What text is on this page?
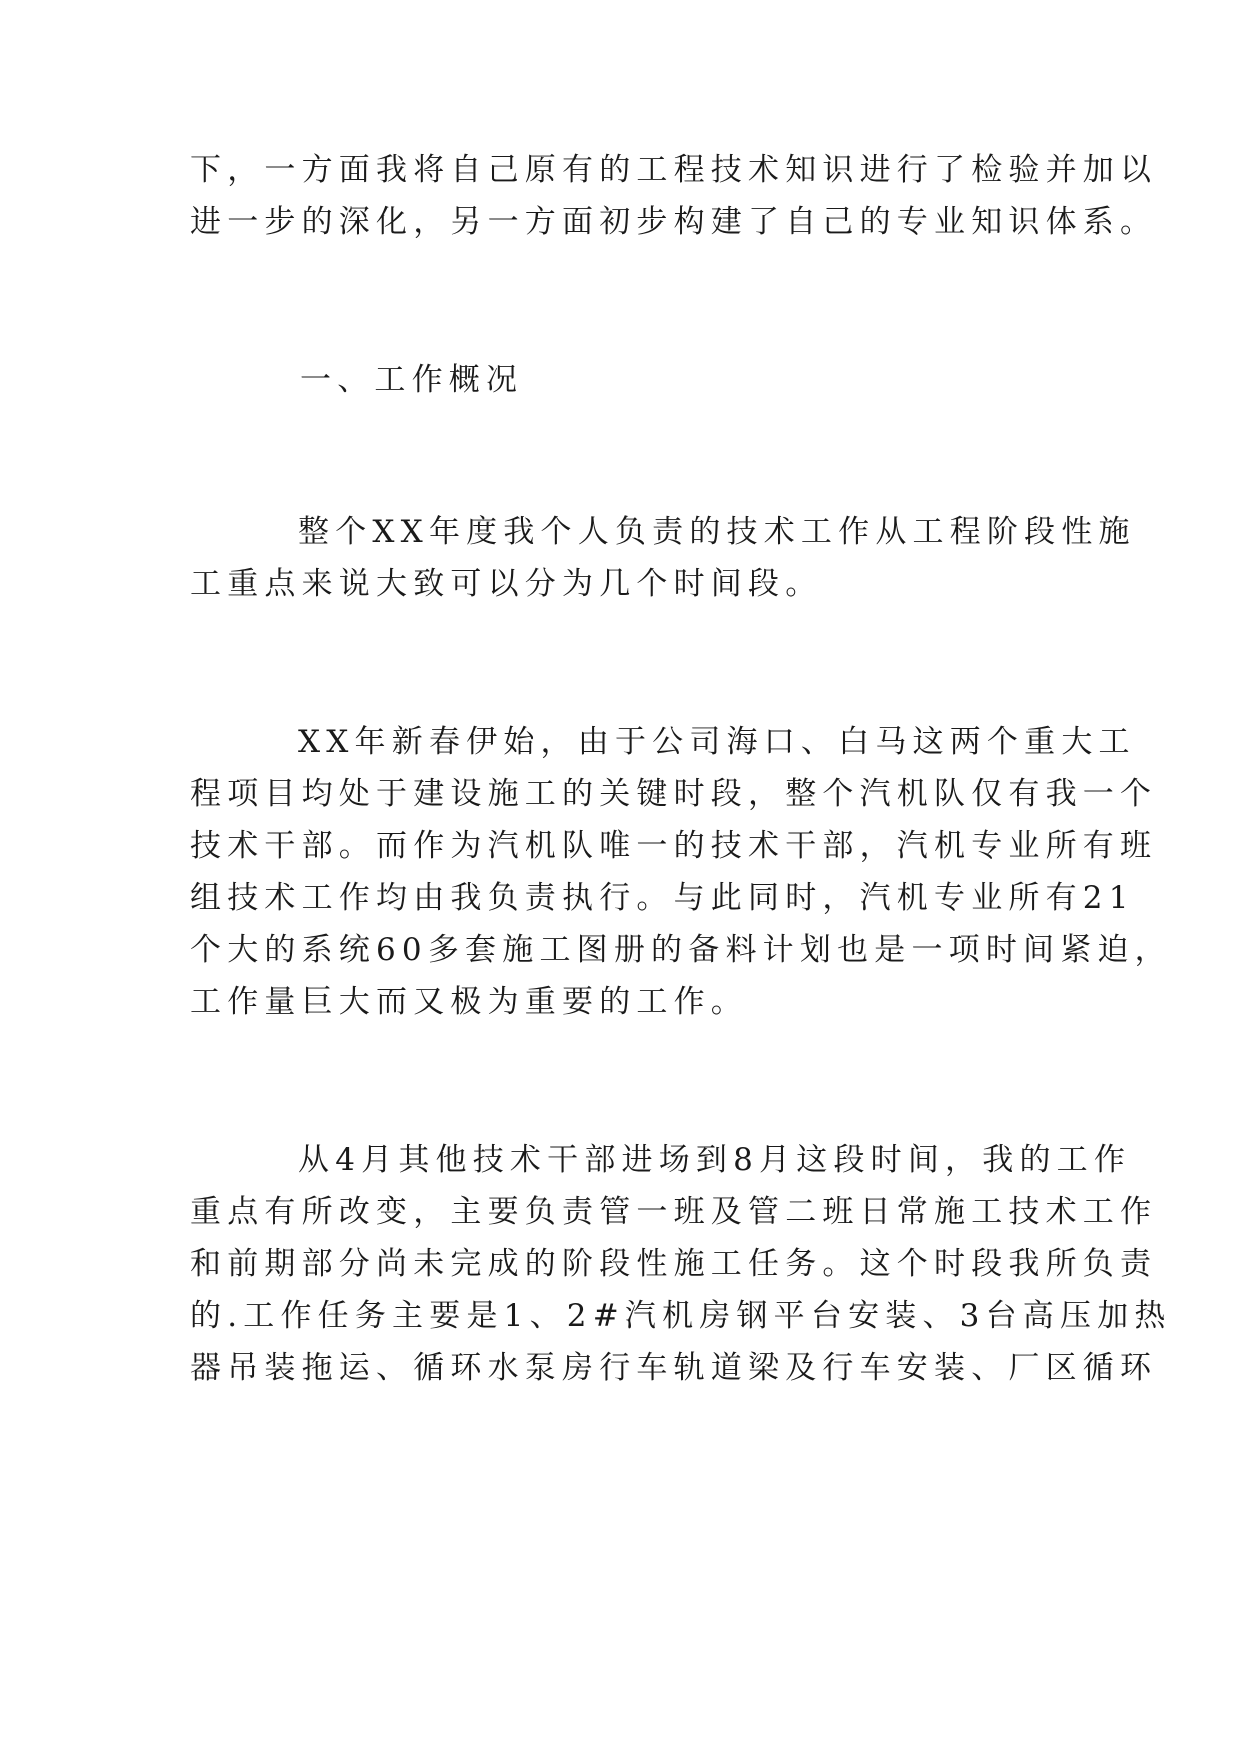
下，一方面我将自己原有的工程技术知识进行了检验并加以
进一步的深化，另一方面初步构建了自己的专业知识体系。
一、工作概况
整个XX年度我个人负责的技术工作从工程阶段性施
工重点来说大致可以分为几个时间段。
XX年新春伊始，由于公司海口、白马这两个重大工
程项目均处于建设施工的关键时段，整个汽机队仅有我一个
技术干部。而作为汽机队唯一的技术干部，汽机专业所有班
组技术工作均由我负责执行。与此同时，汽机专业所有21
个大的系统60多套施工图册的备料计划也是一项时间紧迫，
工作量巨大而又极为重要的工作。
从4月其他技术干部进场到8月这段时间，我的工作
重点有所改变，主要负责管一班及管二班日常施工技术工作
和前期部分尚未完成的阶段性施工任务。这个时段我所负责
的.工作任务主要是1、2#汽机房钢平台安装、3台高压加热
器吊装拖运、循环水泵房行车轨道梁及行车安装、厂区循环
